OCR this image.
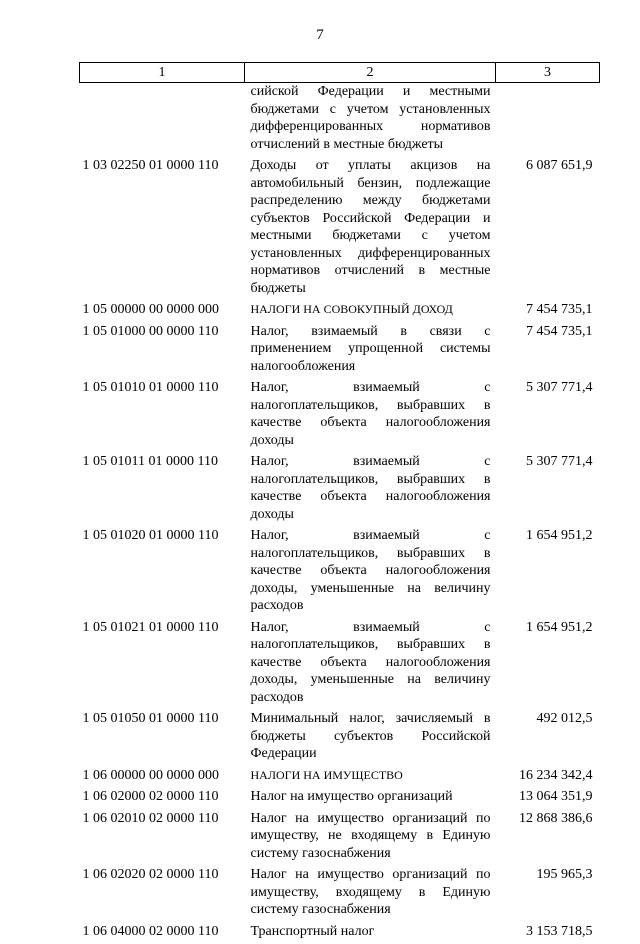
7
1	2	3
	сийской Федерации и местными бюджетами с учетом установленных дифференцированных нормативов отчислений в местные бюджеты	
1 03 02250 01 0000 110	Доходы от уплаты акцизов на автомобильный бензин, подлежащие распределению между бюджетами субъектов Российской Федерации и местными бюджетами с учетом установленных дифференцированных нормативов отчислений в местные бюджеты	6 087 651,9
1 05 00000 00 0000 000	НАЛОГИ НА СОВОКУПНЫЙ ДОХОД	7 454 735,1
1 05 01000 00 0000 110	Налог, взимаемый в связи с применением упрощенной системы налогообложения	7 454 735,1
1 05 01010 01 0000 110	Налог, взимаемый с налогоплательщиков, выбравших в качестве объекта налогообложения доходы	5 307 771,4
1 05 01011 01 0000 110	Налог, взимаемый с налогоплательщиков, выбравших в качестве объекта налогообложения доходы	5 307 771,4
1 05 01020 01 0000 110	Налог, взимаемый с налогоплательщиков, выбравших в качестве объекта налогообложения доходы, уменьшенные на величину расходов	1 654 951,2
1 05 01021 01 0000 110	Налог, взимаемый с налогоплательщиков, выбравших в качестве объекта налогообложения доходы, уменьшенные на величину расходов	1 654 951,2
1 05 01050 01 0000 110	Минимальный налог, зачисляемый в бюджеты субъектов Российской Федерации	492 012,5
1 06 00000 00 0000 000	НАЛОГИ НА ИМУЩЕСТВО	16 234 342,4
1 06 02000 02 0000 110	Налог на имущество организаций	13 064 351,9
1 06 02010 02 0000 110	Налог на имущество организаций по имуществу, не входящему в Единую систему газоснабжения	12 868 386,6
1 06 02020 02 0000 110	Налог на имущество организаций по имуществу, входящему в Единую систему газоснабжения	195 965,3
1 06 04000 02 0000 110	Транспортный налог	3 153 718,5
